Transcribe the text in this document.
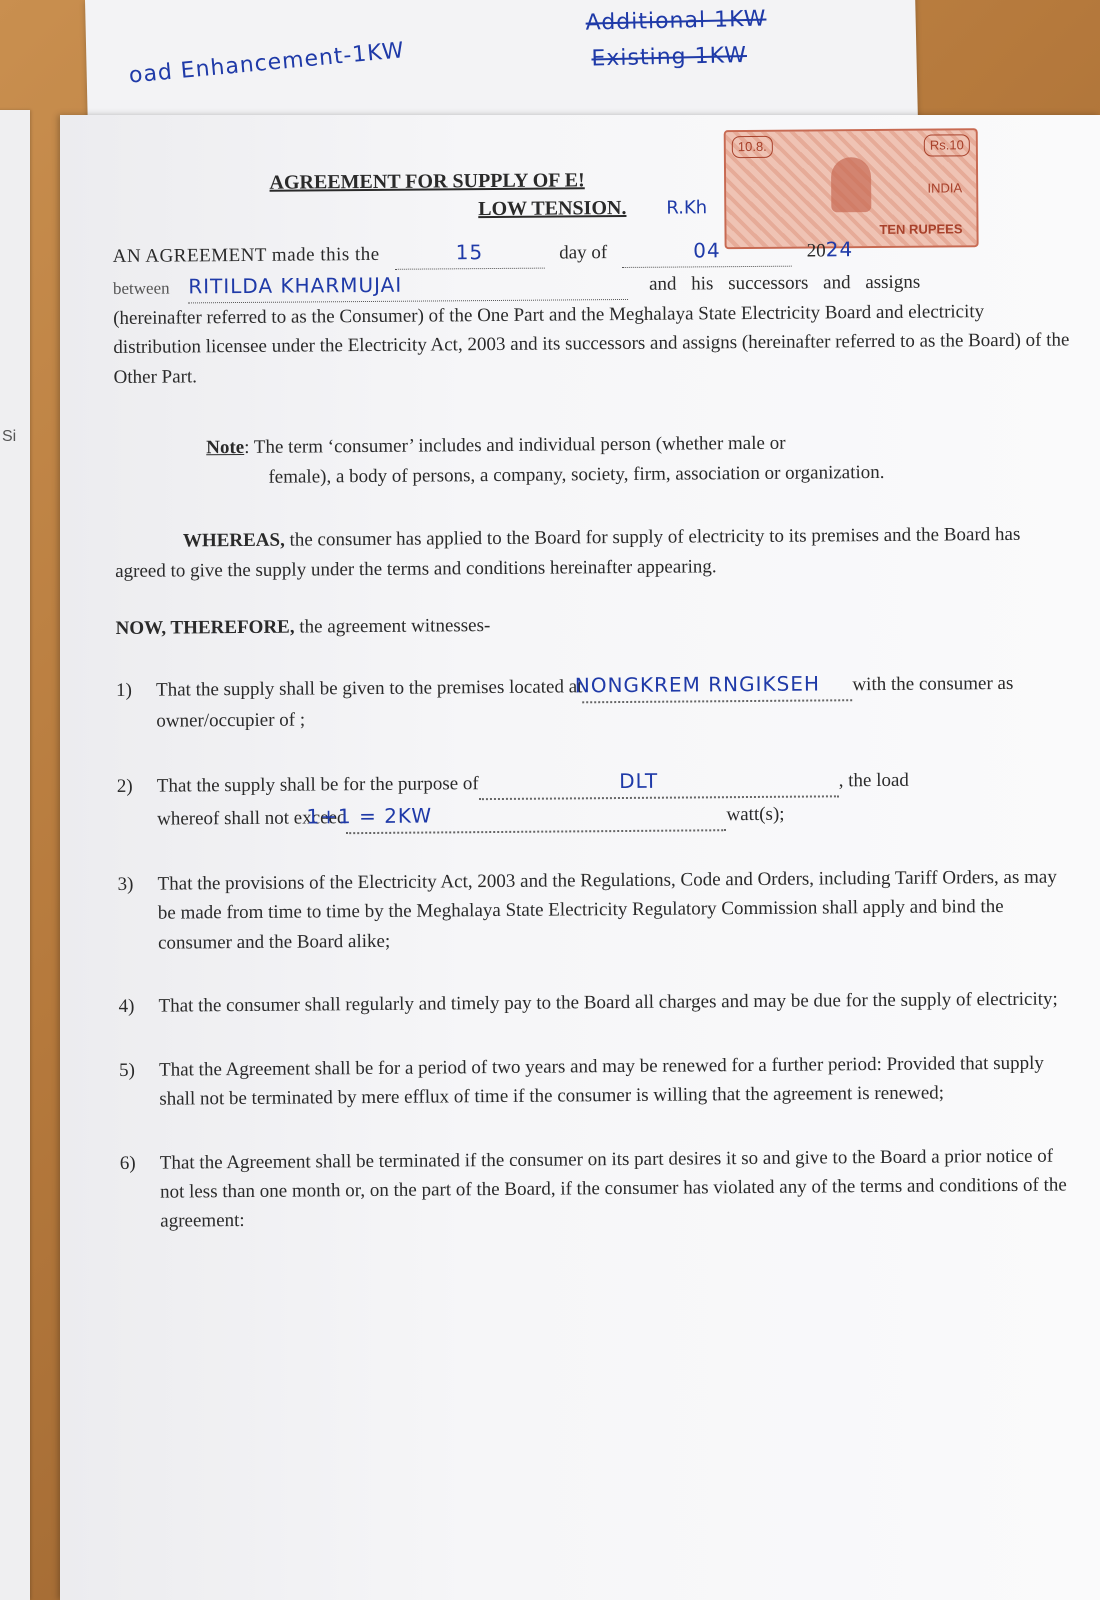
oad Enhancement-1KW
Additional 1KW
Existing 1KW
Si
AGREEMENT FOR SUPPLY OF E!
LOW TENSION.
10.8.	Rs.10
INDIA
TEN RUPEES
R.Kh
AN AGREEMENT made this the	15	day of	04	2024
between RITILDA KHARMUJAI	and his successors and assigns

(hereinafter referred to as the Consumer) of the One Part and the Meghalaya State Electricity Board and electricity distribution licensee under the Electricity Act, 2003 and its successors and assigns (hereinafter referred to as the Board) of the Other Part.

Note: The term ‘consumer’ includes and individual person (whether male or
female), a body of persons, a company, society, firm, association or organization.

WHEREAS, the consumer has applied to the Board for supply of electricity to its premises and the Board has agreed to give the supply under the terms and conditions hereinafter appearing.

NOW, THEREFORE, the agreement witnesses-

1) That the supply shall be given to the premises located atNONGKREM RNGIKSEH with the consumer as owner/occupier of ;
2) That the supply shall be for the purpose of	DLT	, the load
whereof shall not exceed1+1 = 2KW	watt(s);
3) That the provisions of the Electricity Act, 2003 and the Regulations, Code and Orders, including Tariff Orders, as may be made from time to time by the Meghalaya State Electricity Regulatory Commission shall apply and bind the consumer and the Board alike;
4) That the consumer shall regularly and timely pay to the Board all charges and may be due for the supply of electricity;
5) That the Agreement shall be for a period of two years and may be renewed for a further period: Provided that supply shall not be terminated by mere efflux of time if the consumer is willing that the agreement is renewed;
6) That the Agreement shall be terminated if the consumer on its part desires it so and give to the Board a prior notice of not less than one month or, on the part of the Board, if the consumer has violated any of the terms and conditions of the agreement:
